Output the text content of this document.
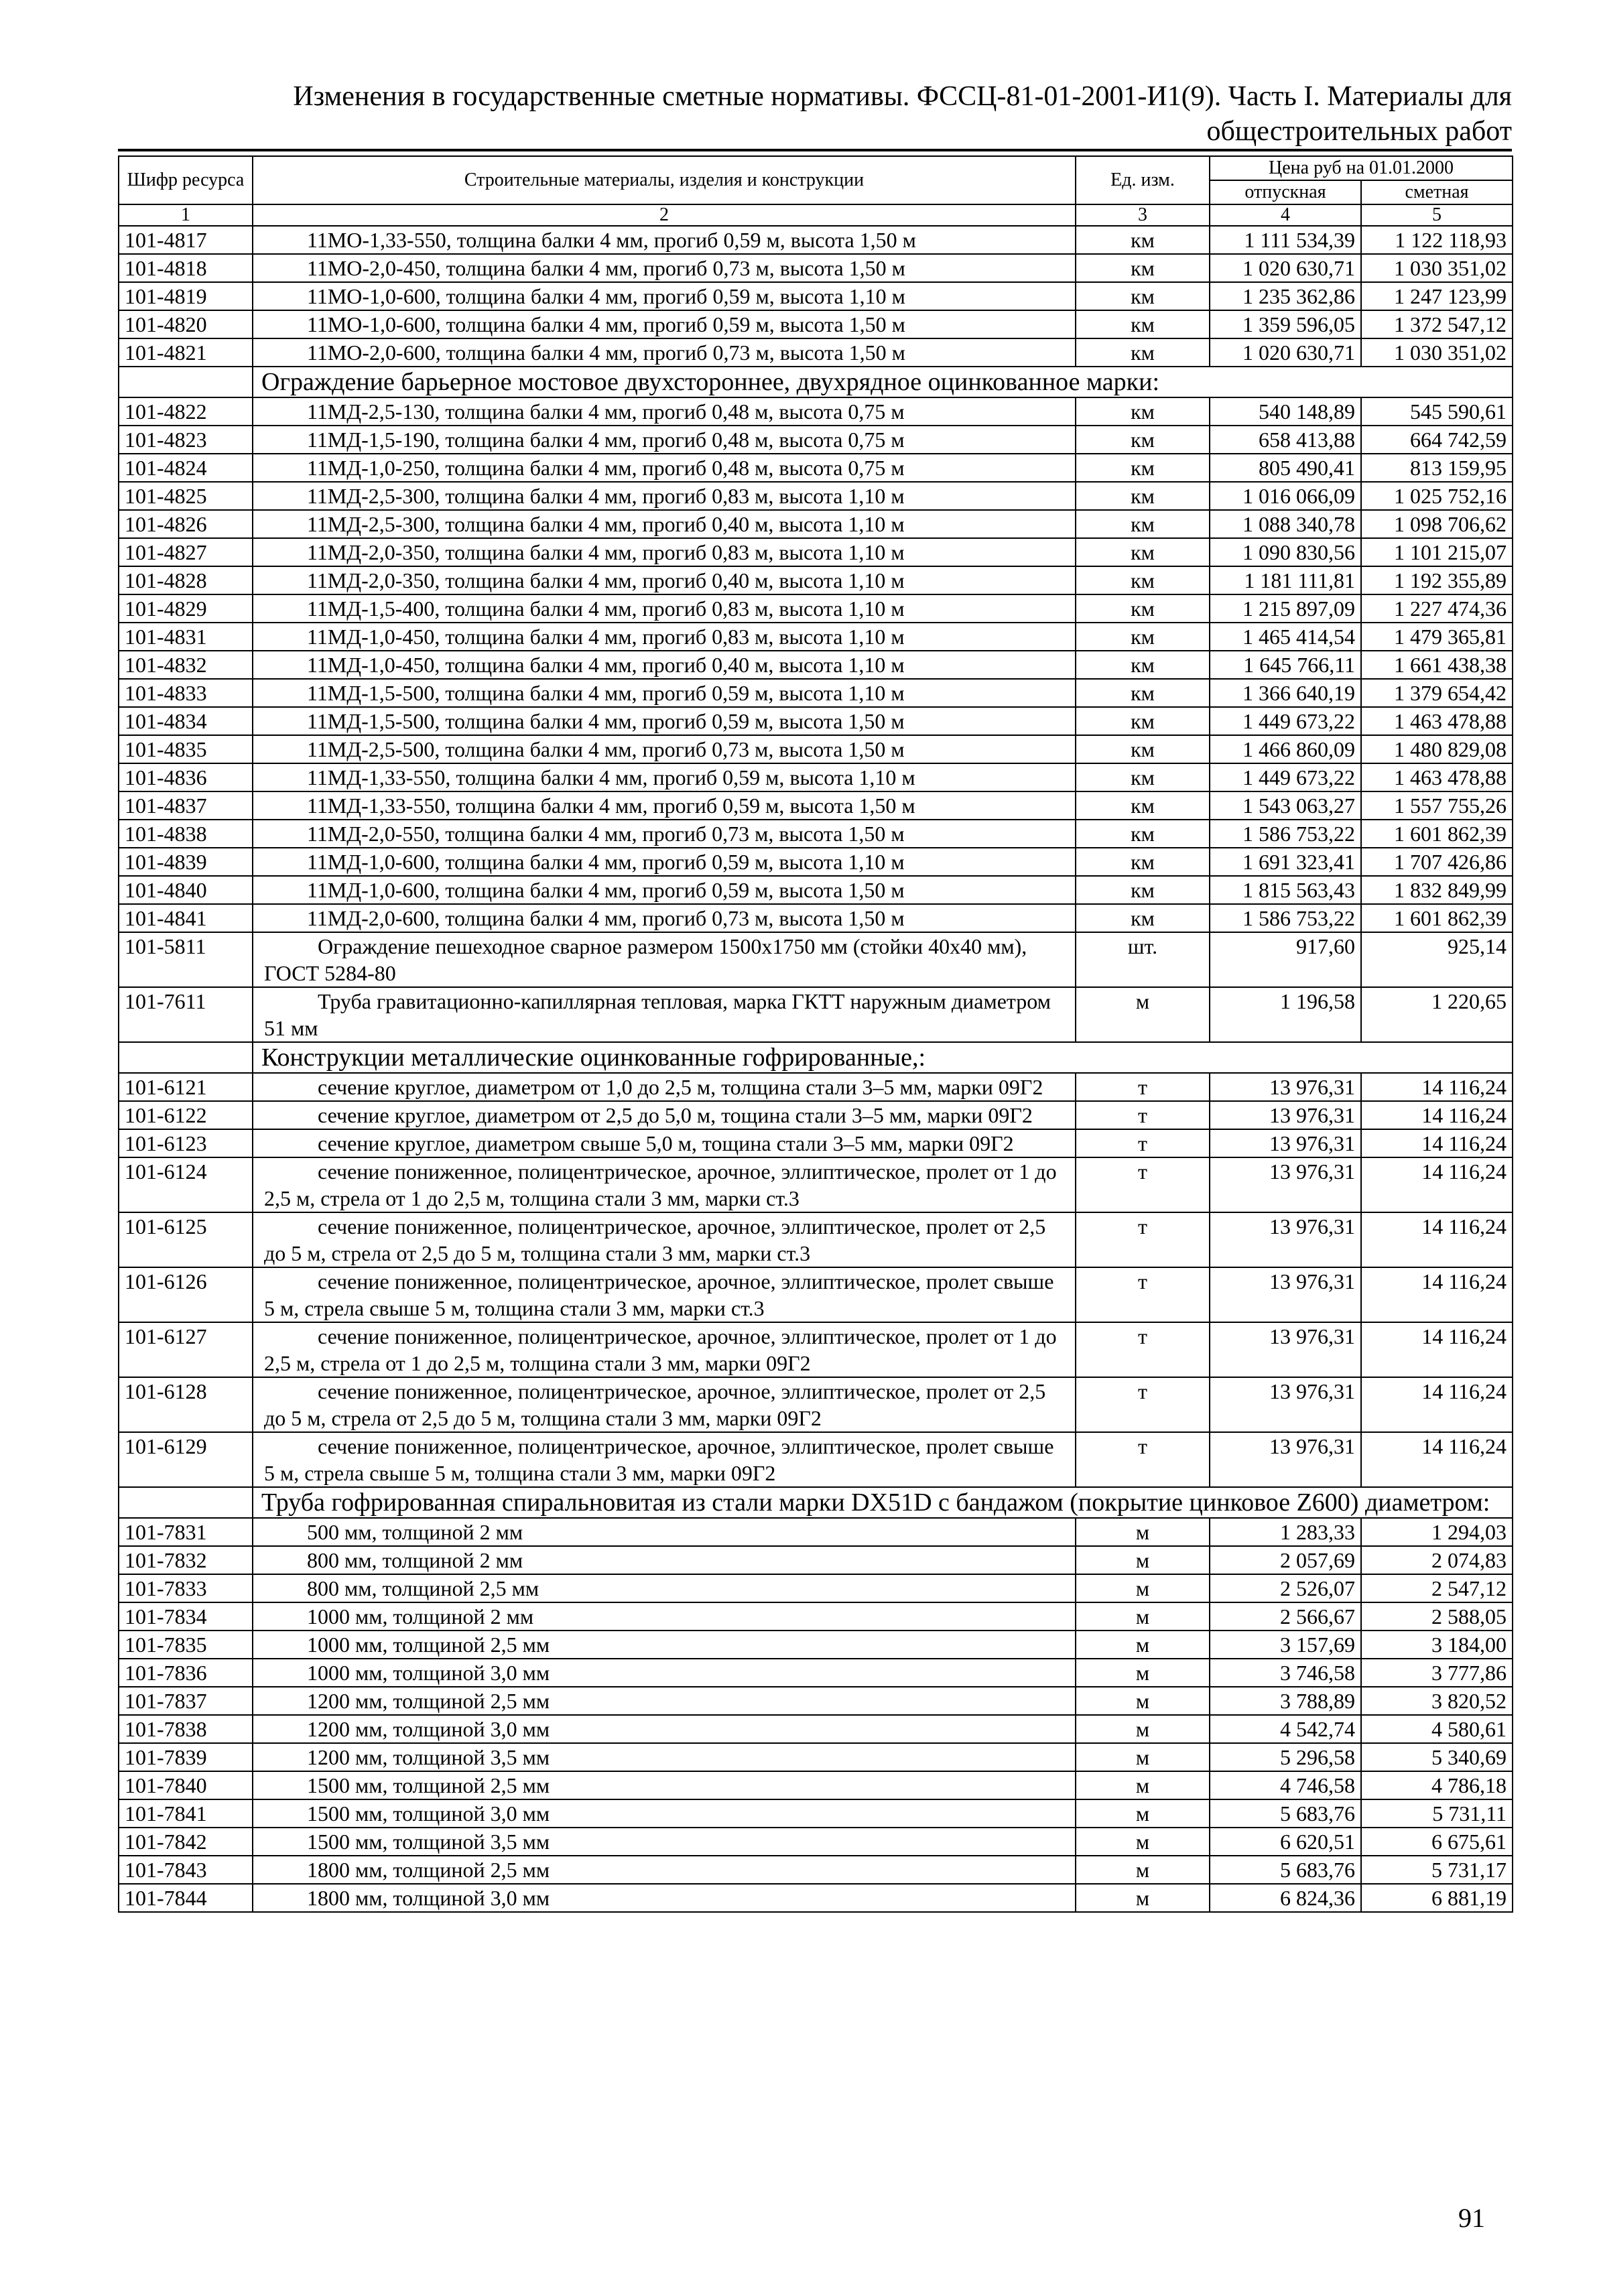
Изменения в государственные сметные нормативы. ФССЦ-81-01-2001-И1(9). Часть I. Материалы для
общестроительных работ
Шифр ресурса	Строительные материалы, изделия и конструкции	Ед. изм.	Цена руб на 01.01.2000	
			отпускная	сметная
1	2	3	4	5
101-4817	11МО-1,33-550, толщина балки 4 мм, прогиб 0,59 м, высота 1,50 м	км	1 111 534,39	1 122 118,93
101-4818	11МО-2,0-450, толщина балки 4 мм, прогиб 0,73 м, высота 1,50 м	км	1 020 630,71	1 030 351,02
101-4819	11МО-1,0-600, толщина балки 4 мм, прогиб 0,59 м, высота 1,10 м	км	1 235 362,86	1 247 123,99
101-4820	11МО-1,0-600, толщина балки 4 мм, прогиб 0,59 м, высота 1,50 м	км	1 359 596,05	1 372 547,12
101-4821	11МО-2,0-600, толщина балки 4 мм, прогиб 0,73 м, высота 1,50 м	км	1 020 630,71	1 030 351,02
	Ограждение барьерное мостовое двухстороннее, двухрядное оцинкованное марки:			
101-4822	11МД-2,5-130, толщина балки 4 мм, прогиб 0,48 м, высота 0,75 м	км	540 148,89	545 590,61
101-4823	11МД-1,5-190, толщина балки 4 мм, прогиб 0,48 м, высота 0,75 м	км	658 413,88	664 742,59
101-4824	11МД-1,0-250, толщина балки 4 мм, прогиб 0,48 м, высота 0,75 м	км	805 490,41	813 159,95
101-4825	11МД-2,5-300, толщина балки 4 мм, прогиб 0,83 м, высота 1,10 м	км	1 016 066,09	1 025 752,16
101-4826	11МД-2,5-300, толщина балки 4 мм, прогиб 0,40 м, высота 1,10 м	км	1 088 340,78	1 098 706,62
101-4827	11МД-2,0-350, толщина балки 4 мм, прогиб 0,83 м, высота 1,10 м	км	1 090 830,56	1 101 215,07
101-4828	11МД-2,0-350, толщина балки 4 мм, прогиб 0,40 м, высота 1,10 м	км	1 181 111,81	1 192 355,89
101-4829	11МД-1,5-400, толщина балки 4 мм, прогиб 0,83 м, высота 1,10 м	км	1 215 897,09	1 227 474,36
101-4831	11МД-1,0-450, толщина балки 4 мм, прогиб 0,83 м, высота 1,10 м	км	1 465 414,54	1 479 365,81
101-4832	11МД-1,0-450, толщина балки 4 мм, прогиб 0,40 м, высота 1,10 м	км	1 645 766,11	1 661 438,38
101-4833	11МД-1,5-500, толщина балки 4 мм, прогиб 0,59 м, высота 1,10 м	км	1 366 640,19	1 379 654,42
101-4834	11МД-1,5-500, толщина балки 4 мм, прогиб 0,59 м, высота 1,50 м	км	1 449 673,22	1 463 478,88
101-4835	11МД-2,5-500, толщина балки 4 мм, прогиб 0,73 м, высота 1,50 м	км	1 466 860,09	1 480 829,08
101-4836	11МД-1,33-550, толщина балки 4 мм, прогиб 0,59 м, высота 1,10 м	км	1 449 673,22	1 463 478,88
101-4837	11МД-1,33-550, толщина балки 4 мм, прогиб 0,59 м, высота 1,50 м	км	1 543 063,27	1 557 755,26
101-4838	11МД-2,0-550, толщина балки 4 мм, прогиб 0,73 м, высота 1,50 м	км	1 586 753,22	1 601 862,39
101-4839	11МД-1,0-600, толщина балки 4 мм, прогиб 0,59 м, высота 1,10 м	км	1 691 323,41	1 707 426,86
101-4840	11МД-1,0-600, толщина балки 4 мм, прогиб 0,59 м, высота 1,50 м	км	1 815 563,43	1 832 849,99
101-4841	11МД-2,0-600, толщина балки 4 мм, прогиб 0,73 м, высота 1,50 м	км	1 586 753,22	1 601 862,39
101-5811	Ограждение пешеходное сварное размером 1500х1750 мм (стойки 40х40 мм), ГОСТ 5284-80	шт.	917,60	925,14
101-7611	Труба гравитационно-капиллярная тепловая, марка ГКТТ наружным диаметром 51 мм	м	1 196,58	1 220,65
	Конструкции металлические оцинкованные гофрированные,:			
101-6121	сечение круглое, диаметром от 1,0 до 2,5 м, толщина стали 3–5 мм, марки 09Г2	т	13 976,31	14 116,24
101-6122	сечение круглое, диаметром от 2,5 до 5,0 м, тощина стали 3–5 мм, марки 09Г2	т	13 976,31	14 116,24
101-6123	сечение круглое, диаметром свыше 5,0 м, тощина стали 3–5 мм, марки 09Г2	т	13 976,31	14 116,24
101-6124	сечение пониженное, полицентрическое, арочное, эллиптическое, пролет от 1 до 2,5 м, стрела от 1 до 2,5 м, толщина стали 3 мм, марки ст.3	т	13 976,31	14 116,24
101-6125	сечение пониженное, полицентрическое, арочное, эллиптическое, пролет от 2,5 до 5 м, стрела от 2,5 до 5 м, толщина стали 3 мм, марки ст.3	т	13 976,31	14 116,24
101-6126	сечение пониженное, полицентрическое, арочное, эллиптическое, пролет свыше 5 м, стрела свыше 5 м, толщина стали 3 мм, марки ст.3	т	13 976,31	14 116,24
101-6127	сечение пониженное, полицентрическое, арочное, эллиптическое, пролет от 1 до 2,5 м, стрела от 1 до 2,5 м, толщина стали 3 мм, марки 09Г2	т	13 976,31	14 116,24
101-6128	сечение пониженное, полицентрическое, арочное, эллиптическое, пролет от 2,5 до 5 м, стрела от 2,5 до 5 м, толщина стали 3 мм, марки 09Г2	т	13 976,31	14 116,24
101-6129	сечение пониженное, полицентрическое, арочное, эллиптическое, пролет свыше 5 м, стрела свыше 5 м, толщина стали 3 мм, марки 09Г2	т	13 976,31	14 116,24
	Труба гофрированная спиральновитая из стали марки DX51D с бандажом (покрытие цинковое Z600) диаметром:			
101-7831	500 мм, толщиной 2 мм	м	1 283,33	1 294,03
101-7832	800 мм, толщиной 2 мм	м	2 057,69	2 074,83
101-7833	800 мм, толщиной 2,5 мм	м	2 526,07	2 547,12
101-7834	1000 мм, толщиной 2 мм	м	2 566,67	2 588,05
101-7835	1000 мм, толщиной 2,5 мм	м	3 157,69	3 184,00
101-7836	1000 мм, толщиной 3,0 мм	м	3 746,58	3 777,86
101-7837	1200 мм, толщиной 2,5 мм	м	3 788,89	3 820,52
101-7838	1200 мм, толщиной 3,0 мм	м	4 542,74	4 580,61
101-7839	1200 мм, толщиной 3,5 мм	м	5 296,58	5 340,69
101-7840	1500 мм, толщиной 2,5 мм	м	4 746,58	4 786,18
101-7841	1500 мм, толщиной 3,0 мм	м	5 683,76	5 731,11
101-7842	1500 мм, толщиной 3,5 мм	м	6 620,51	6 675,61
101-7843	1800 мм, толщиной 2,5 мм	м	5 683,76	5 731,17
101-7844	1800 мм, толщиной 3,0 мм	м	6 824,36	6 881,19
91
